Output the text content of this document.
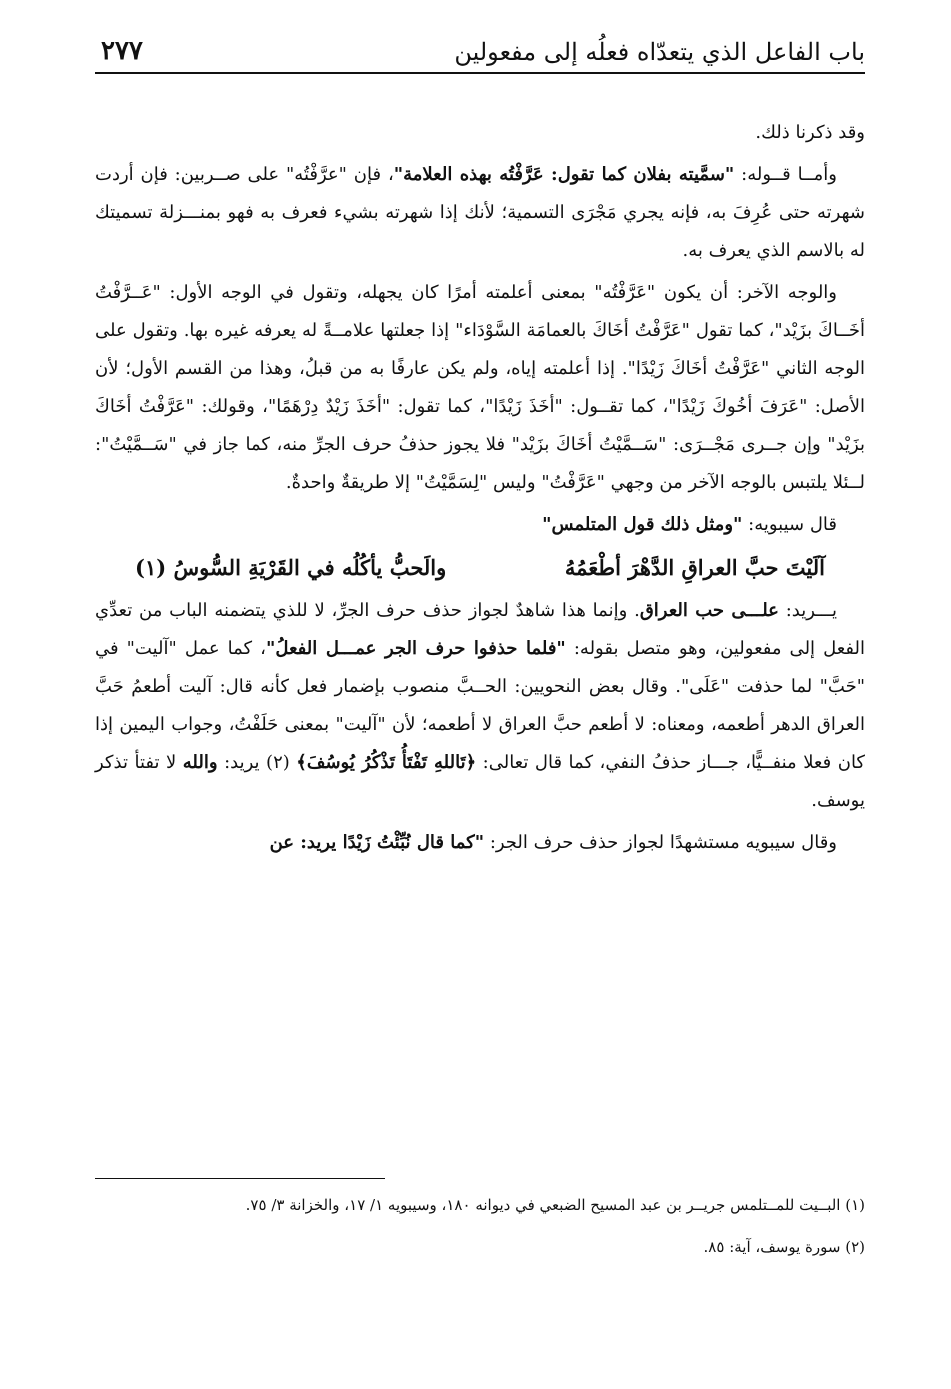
باب الفاعل الذي يتعدّاه فعلُه إلى مفعولين
٢٧٧

وقد ذكرنا ذلك.

وأمــا قــوله: "سمَّيته بفلان كما تقول: عَرَّفْتُه بهذه العلامة"، فإن "عرَّفْتُه" على صــربين: فإن أردت شهرته حتى عُرِفَ به، فإنه يجري مَجْرَى التسمية؛ لأنك إذا شهرته بشيء فعرف به فهو بمنـــزلة تسميتك له بالاسم الذي يعرف به.

والوجه الآخر: أن يكون "عَرَّفْتُه" بمعنى أعلمته أمرًا كان يجهله، وتقول في الوجه الأول: "عَــرَّفْتُ أخَــاكَ بزَيْد"، كما تقول "عَرَّفْتُ أخَاكَ بالعمامَة السَّوْدَاء" إذا جعلتها علامــةً له يعرفه غيره بها. وتقول على الوجه الثاني "عَرَّفْتُ أخَاكَ زَيْدًا". إذا أعلمته إياه، ولم يكن عارفًا به من قبلُ، وهذا من القسم الأول؛ لأن الأصل: "عَرَفَ أخُوكَ زَيْدًا"، كما تقــول: "أخَذَ زَيْدًا"، كما تقول: "أخَذَ زَيْدٌ دِرْهَمًا"، وقولك: "عَرَّفْتُ أخَاكَ بزَيْد" وإن جــرى مَجْــرَى: "سَــمَّيْتُ أخَاكَ بزَيْد" فلا يجوز حذفُ حرف الجرِّ منه، كما جاز في "سَــمَّيْتُ": لــئلا يلتبس بالوجه الآخر من وجهي "عَرَّفْتُ" وليس "لِسَمَّيْتُ" إلا طريقةٌ واحدةٌ.

قال سيبويه: "ومثل ذلك قول المتلمس"

آلَيْتَ حبَّ العراقِ الدَّهْرَ أطْعَمُهُ
والَحبُّ يأكُلُه في القَرْيَةِ السُّوسُ (١)

يـــريد: علـــى حب العراق. وإنما هذا شاهدٌ لجواز حذف حرف الجرِّ، لا للذي يتضمنه الباب من تعدِّي الفعل إلى مفعولين، وهو متصل بقوله: "فلما حذفوا حرف الجر عمـــل الفعلُ"، كما عمل "آليت" في "حَبَّ" لما حذفت "عَلَى". وقال بعض النحويين: الحــبَّ منصوب بإضمار فعل كأنه قال: آليت أطعمُ حَبَّ العراق الدهر أطعمه، ومعناه: لا أطعم حبَّ العراق لا أطعمه؛ لأن "آليت" بمعنى حَلَفْتُ، وجواب اليمين إذا كان فعلا منفــيًّا، جـــاز حذفُ النفي، كما قال تعالى: ﴿تَاللهِ تَفْتَأُ تَذْكُرُ يُوسُفَ﴾ (٢) يريد: والله لا تفتأ تذكر يوسف.

وقال سيبويه مستشهدًا لجواز حذف حرف الجر: "كما قال نُبِّئْتُ زَيْدًا يريد: عن

(١) البــيت للمــتلمس جريــر بن عبد المسيح الضبعي في ديوانه ١٨٠، وسيبويه ١/ ١٧، والخزانة ٣/ ٧٥.

(٢) سورة يوسف، آية: ٨٥.
